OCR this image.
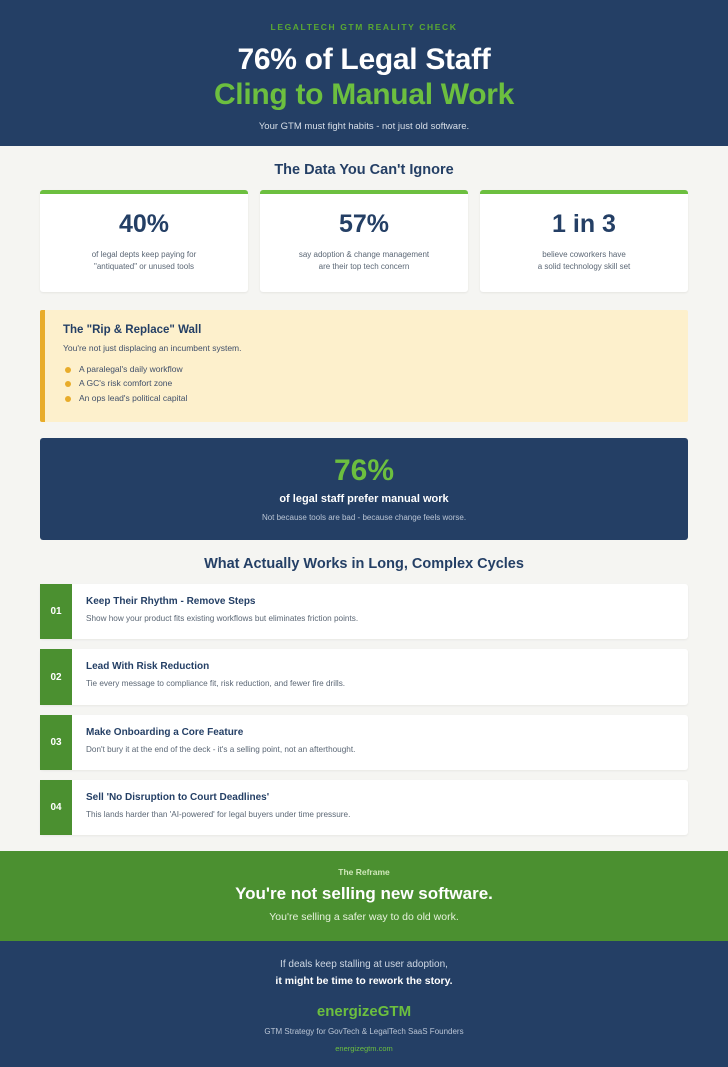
LEGALTECH GTM REALITY CHECK
76% of Legal Staff
Cling to Manual Work
Your GTM must fight habits - not just old software.
The Data You Can't Ignore
40%
of legal depts keep paying for
"antiquated" or unused tools
57%
say adoption & change management
are their top tech concern
1 in 3
believe coworkers have
a solid technology skill set
The "Rip & Replace" Wall
You're not just displacing an incumbent system.
A paralegal's daily workflow
A GC's risk comfort zone
An ops lead's political capital
76%
of legal staff prefer manual work
Not because tools are bad - because change feels worse.
What Actually Works in Long, Complex Cycles
01
Keep Their Rhythm - Remove Steps
Show how your product fits existing workflows but eliminates friction points.
02
Lead With Risk Reduction
Tie every message to compliance fit, risk reduction, and fewer fire drills.
03
Make Onboarding a Core Feature
Don't bury it at the end of the deck - it's a selling point, not an afterthought.
04
Sell 'No Disruption to Court Deadlines'
This lands harder than 'AI-powered' for legal buyers under time pressure.
The Reframe
You're not selling new software.
You're selling a safer way to do old work.
If deals keep stalling at user adoption,
it might be time to rework the story.
energizeGTM
GTM Strategy for GovTech & LegalTech SaaS Founders
energizegtm.com
